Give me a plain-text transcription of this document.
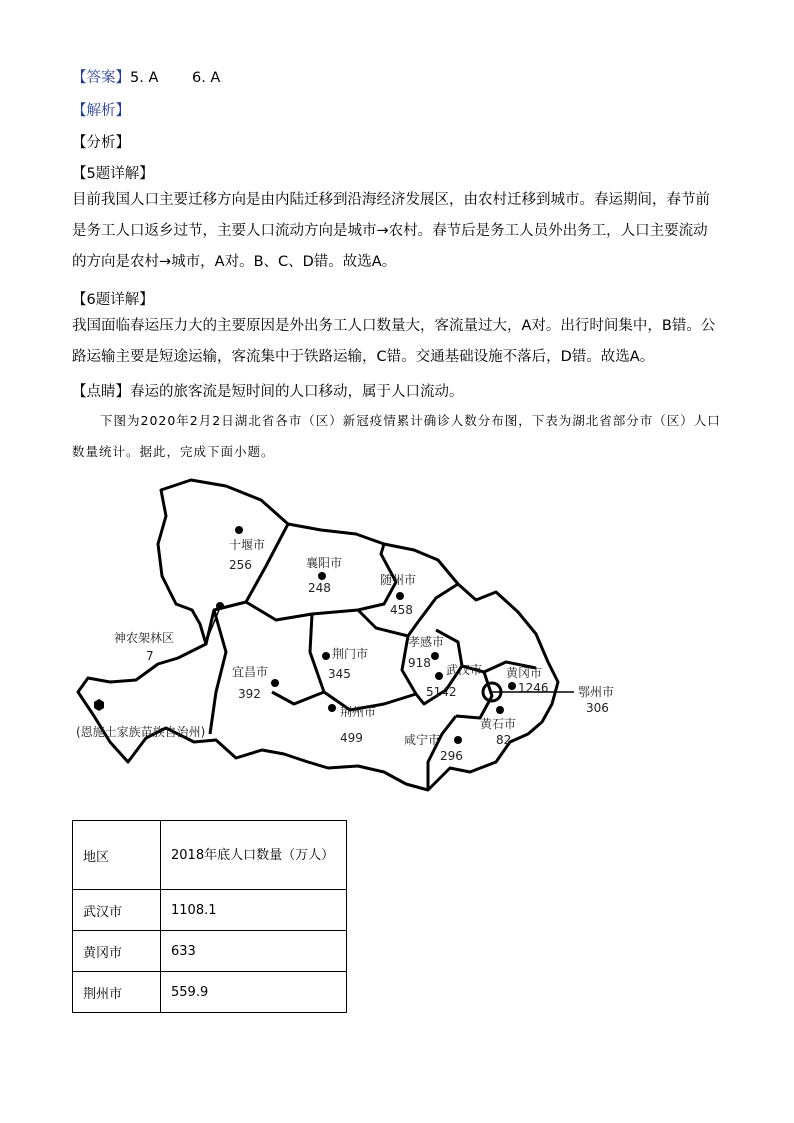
【答案】5. A　　 6. A
【解析】
【分析】
【5题详解】
目前我国人口主要迁移方向是由内陆迁移到沿海经济发展区，由农村迁移到城市。春运期间，春节前是务工人口返乡过节，主要人口流动方向是城市→农村。春节后是务工人员外出务工，人口主要流动的方向是农村→城市，A对。B、C、D错。故选A。
【6题详解】
我国面临春运压力大的主要原因是外出务工人口数量大，客流量过大，A对。出行时间集中，B错。公路运输主要是短途运输，客流集中于铁路运输，C错。交通基础设施不落后，D错。故选A。
【点睛】春运的旅客流是短时间的人口移动，属于人口流动。
下图为2020年2月2日湖北省各市（区）新冠疫情累计确诊人数分布图，下表为湖北省部分市（区）人口数量统计。据此，完成下面小题。
十堰市
256	襄阳市
248
随州市
458
神农架林区
7	荆门市
345
孝感市
918
宜昌市
392
武汉市
5142
黄冈市
1246 鄂州市
306
(恩施土家族苗族自治州)
荆州市
499	咸宁市
296
黄石市
82
地区	2018年底人口数量（万人）
武汉市	1108.1
黄冈市	633
荆州市	559.9
